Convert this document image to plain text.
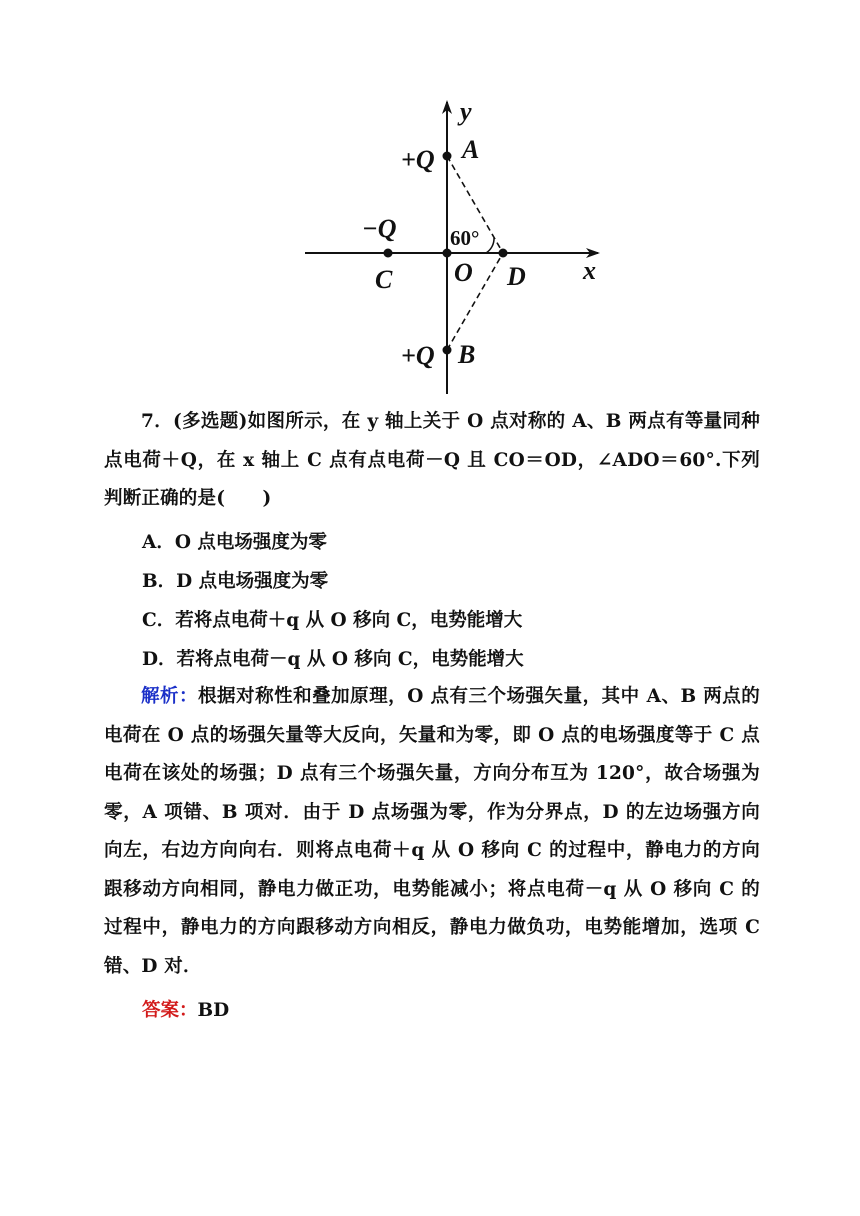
y
x
A
B
C O D
+Q
+Q
−Q	60°
7．(多选题)如图所示，在 y 轴上关于 O 点对称的 A、B 两点有等量同种点电荷＋Q，在 x 轴上 C 点有点电荷－Q 且 CO＝OD，∠ADO＝60°.下列判断正确的是(　　)
A．O 点电场强度为零
B．D 点电场强度为零
C．若将点电荷＋q 从 O 移向 C，电势能增大
D．若将点电荷－q 从 O 移向 C，电势能增大
解析：根据对称性和叠加原理，O 点有三个场强矢量，其中 A、B 两点的电荷在 O 点的场强矢量等大反向，矢量和为零，即 O 点的电场强度等于 C 点电荷在该处的场强；D 点有三个场强矢量，方向分布互为 120°，故合场强为零，A 项错、B 项对．由于 D 点场强为零，作为分界点，D 的左边场强方向向左，右边方向向右．则将点电荷＋q 从 O 移向 C 的过程中，静电力的方向跟移动方向相同，静电力做正功，电势能减小；将点电荷－q 从 O 移向 C 的过程中，静电力的方向跟移动方向相反，静电力做负功，电势能增加，选项 C 错、D 对．
答案：BD
